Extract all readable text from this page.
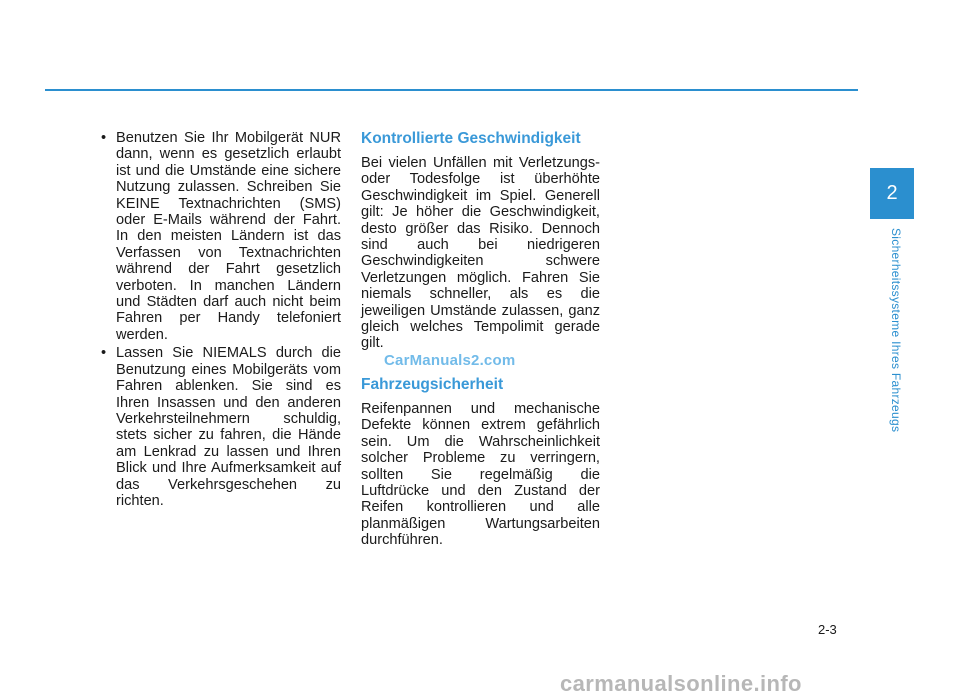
• Benutzen Sie Ihr Mobilgerät NUR dann, wenn es gesetzlich erlaubt ist und die Umstände eine sichere Nutzung zulassen. Schreiben Sie KEINE Textnachrichten (SMS) oder E-Mails während der Fahrt. In den meisten Ländern ist das Verfassen von Textnachrichten während der Fahrt gesetzlich verboten. In manchen Ländern und Städten darf auch nicht beim Fahren per Handy telefoniert werden.
• Lassen Sie NIEMALS durch die Benutzung eines Mobilgeräts vom Fahren ablenken. Sie sind es Ihren Insassen und den anderen Verkehrsteilnehmern schuldig, stets sicher zu fahren, die Hände am Lenkrad zu lassen und Ihren Blick und Ihre Aufmerksamkeit auf das Verkehrsgeschehen zu richten.
Kontrollierte Geschwindigkeit

Bei vielen Unfällen mit Verletzungs- oder Todesfolge ist überhöhte Geschwindigkeit im Spiel. Generell gilt: Je höher die Geschwindigkeit, desto größer das Risiko. Dennoch sind auch bei niedrigeren Geschwindigkeiten schwere Verletzungen möglich. Fahren Sie niemals schneller, als es die jeweiligen Umstände zulassen, ganz gleich welches Tempolimit gerade gilt.

Fahrzeugsicherheit

Reifenpannen und mechanische Defekte können extrem gefährlich sein. Um die Wahrscheinlichkeit solcher Probleme zu verringern, sollten Sie regelmäßig die Luftdrücke und den Zustand der Reifen kontrollieren und alle planmäßigen Wartungsarbeiten durchführen.

CarManuals2.com
2
Sicherheitssysteme Ihres Fahrzeugs
2-3
carmanualsonline.info
